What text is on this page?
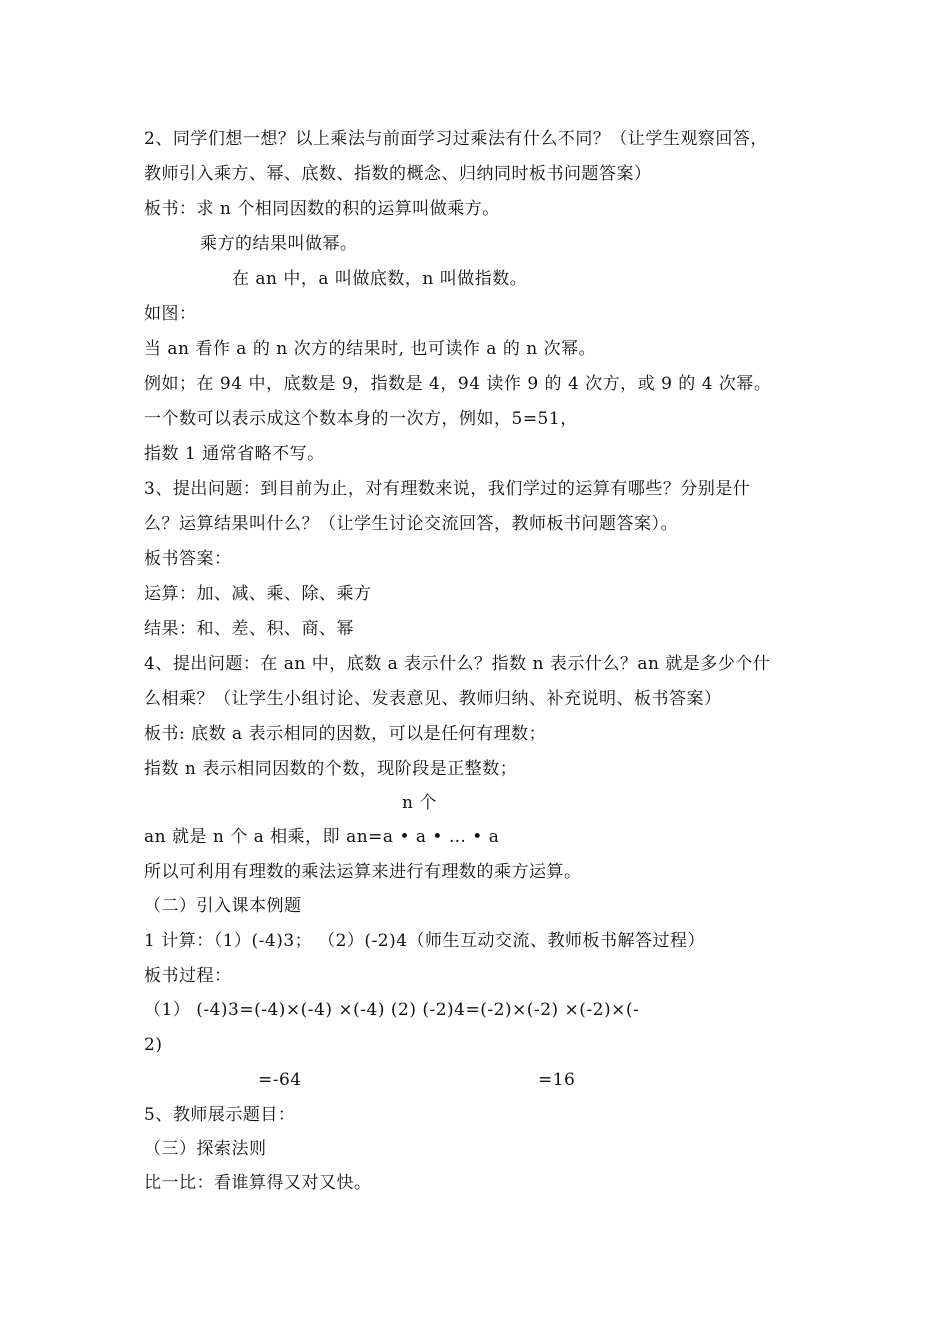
2、同学们想一想？以上乘法与前面学习过乘法有什么不同？（让学生观察回答，
教师引入乘方、幂、底数、指数的概念、归纳同时板书问题答案）
板书：求 n 个相同因数的积的运算叫做乘方。
乘方的结果叫做幂。
在 an 中，a 叫做底数，n 叫做指数。
如图：
当 an 看作 a 的 n 次方的结果时, 也可读作 a 的 n 次幂。
例如；在 94 中，底数是 9，指数是 4，94 读作 9 的 4 次方，或 9 的 4 次幂。
一个数可以表示成这个数本身的一次方，例如，5=51，
指数 1 通常省略不写。
3、提出问题：到目前为止，对有理数来说，我们学过的运算有哪些？分别是什
么？运算结果叫什么？（让学生讨论交流回答，教师板书问题答案）。
板书答案：
运算：加、减、乘、除、乘方
结果：和、差、积、商、幂
4、提出问题：在 an 中，底数 a 表示什么？指数 n 表示什么？an 就是多少个什
么相乘？（让学生小组讨论、发表意见、教师归纳、补充说明、板书答案）
板书: 底数 a 表示相同的因数，可以是任何有理数；
指数 n 表示相同因数的个数，现阶段是正整数；
n 个
an 就是 n 个 a 相乘，即 an=a • a • … • a
所以可利用有理数的乘法运算来进行有理数的乘方运算。
（二）引入课本例题
1 计算：（1）(-4)3； （2）(-2)4（师生互动交流、教师板书解答过程）
板书过程：
（1） (-4)3=(-4)×(-4) ×(-4) (2) (-2)4=(-2)×(-2) ×(-2)×(-
2)
=-64	=16
5、教师展示题目：
（三）探索法则
比一比：看谁算得又对又快。
